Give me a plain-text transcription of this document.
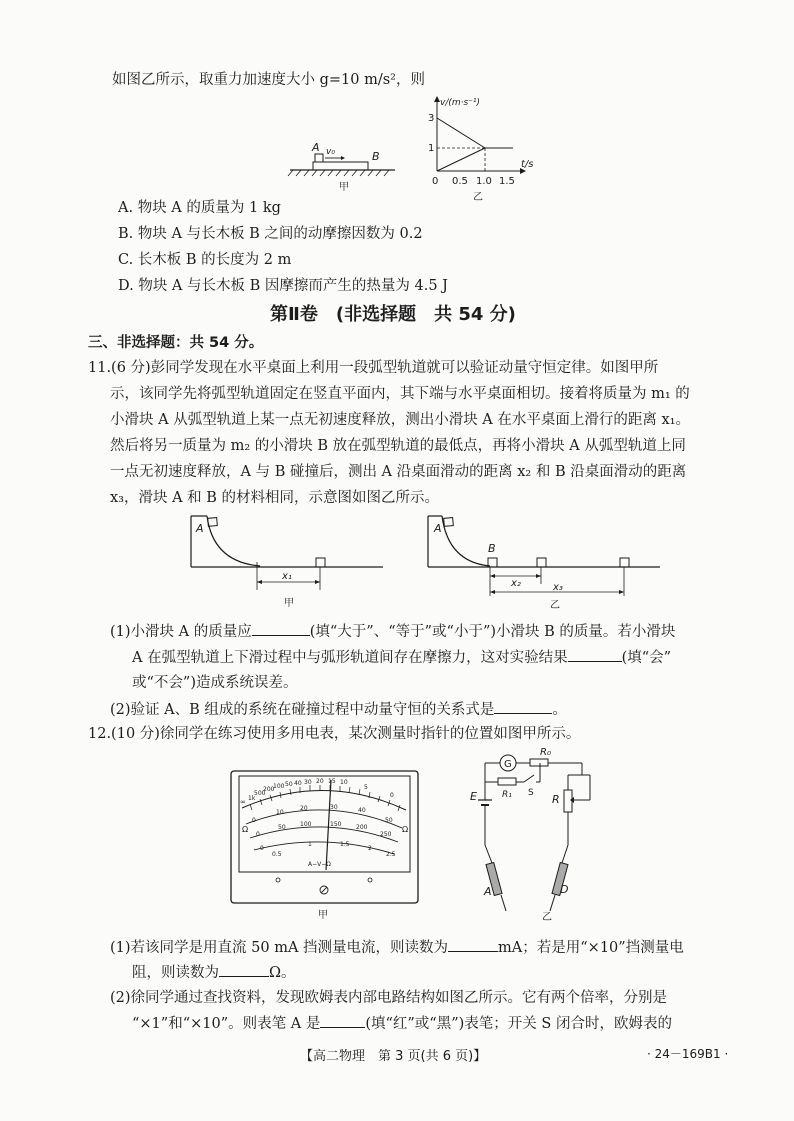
如图乙所示，取重力加速度大小 g=10 m/s²，则
A v₀	B
甲
v/(m·s⁻¹)
t/s
3
1
0 0.5 1.0 1.5
乙
A. 物块 A 的质量为 1 kg
B. 物块 A 与长木板 B 之间的动摩擦因数为 0.2
C. 长木板 B 的长度为 2 m
D. 物块 A 与长木板 B 因摩擦而产生的热量为 4.5 J
第Ⅱ卷　(非选择题　共 54 分)
三、非选择题：共 54 分。
11.(6 分)彭同学发现在水平桌面上利用一段弧型轨道就可以验证动量守恒定律。如图甲所
示，该同学先将弧型轨道固定在竖直平面内，其下端与水平桌面相切。接着将质量为 m₁ 的
小滑块 A 从弧型轨道上某一点无初速度释放，测出小滑块 A 在水平桌面上滑行的距离 x₁。
然后将另一质量为 m₂ 的小滑块 B 放在弧型轨道的最低点，再将小滑块 A 从弧型轨道上同
一点无初速度释放，A 与 B 碰撞后，测出 A 沿桌面滑动的距离 x₂ 和 B 沿桌面滑动的距离
x₃，滑块 A 和 B 的材料相同，示意图如图乙所示。
A
x₁
甲
A
B
x₂	x₃
乙
(1)小滑块 A 的质量应	(填“大于”、“等于”或“小于”)小滑块 B 的质量。若小滑块
A 在弧型轨道上下滑过程中与弧形轨道间存在摩擦力，这对实验结果	(填“会”
或“不会”)造成系统误差。
(2)验证 A、B 组成的系统在碰撞过程中动量守恒的关系式是	。
12.(10 分)徐同学在练习使用多用电表，某次测量时指针的位置如图甲所示。
∞ 1k
500
200
100 50 40 30 20 15 10
5
0
0
10
20	30	40
50
0
50 100	150 200
250
0
0.5
1	1.5
2
2.5
Ω	Ω
A−V−Ω
甲
G
R₀
R₁ S
E	R
A	D
乙
(1)若该同学是用直流 50 mA 挡测量电流，则读数为	mA；若是用“×10”挡测量电
阻，则读数为	Ω。
(2)徐同学通过查找资料，发现欧姆表内部电路结构如图乙所示。它有两个倍率，分别是
“×1”和“×10”。则表笔 A 是	(填“红”或“黑”)表笔；开关 S 闭合时，欧姆表的
【高二物理　第 3 页(共 6 页)】	· 24－169B1 ·
